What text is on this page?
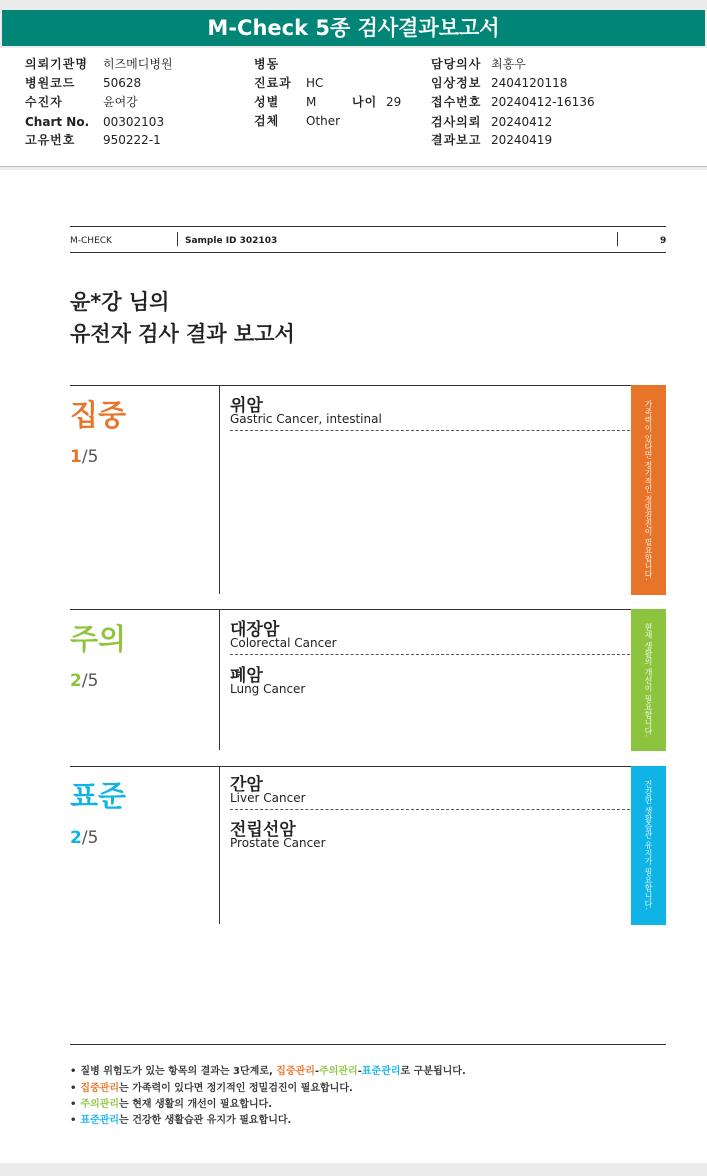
M-Check 5종 검사결과보고서
의뢰기관명 히즈메디병원
병원코드 50628
수진자	윤여강
Chart No. 00302103
고유번호 950222-1
병동
진료과 HC
성별 M	나이 29
검체 Other
담당의사 최홍우
임상정보 2404120118
접수번호 20240412-16136
검사의뢰 20240412
결과보고 20240419
M-CHECK	Sample ID 302103	9
윤*강 님의
유전자 검사 결과 보고서
집중
1/5
위암
Gastric Cancer, intestinal	가족력이 있다면 정기적인 정밀검진이 필요합니다.
주의
2/5
대장암
Colorectal Cancer
폐암
Lung Cancer	현재 생활의 개선이 필요합니다.
표준
2/5
간암
Liver Cancer
전립선암
Prostate Cancer	건강한 생활습관 유지가 필요합니다.
• 질병 위험도가 있는 항목의 결과는 3단계로, 집중관리-주의관리-표준관리로 구분됩니다.
• 집중관리는 가족력이 있다면 정기적인 정밀검진이 필요합니다.
• 주의관리는 현재 생활의 개선이 필요합니다.
• 표준관리는 건강한 생활습관 유지가 필요합니다.
